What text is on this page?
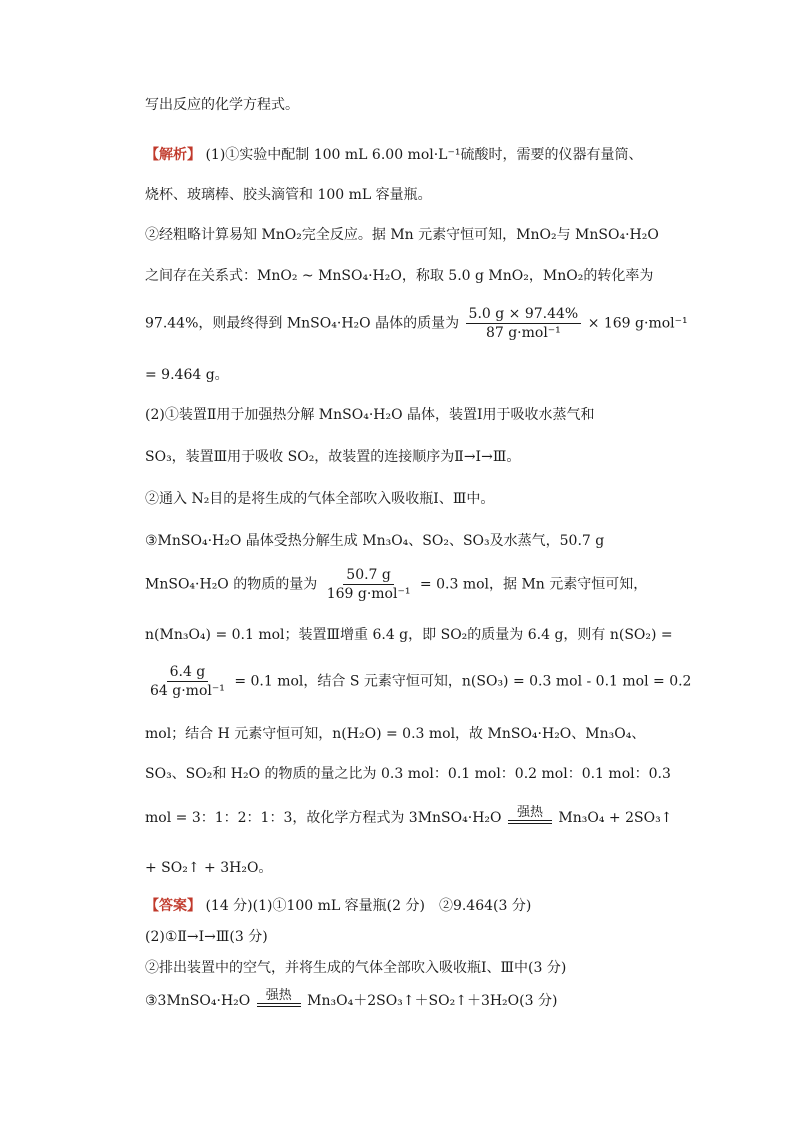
写出反应的化学方程式。
【解析】 (1)①实验中配制 100 mL 6.00 mol·L⁻¹硫酸时，需要的仪器有量筒、
烧杯、玻璃棒、胶头滴管和 100 mL 容量瓶。
②经粗略计算易知 MnO₂完全反应。据 Mn 元素守恒可知，MnO₂与 MnSO₄·H₂O
之间存在关系式：MnO₂ ~ MnSO₄·H₂O，称取 5.0 g MnO₂，MnO₂的转化率为
97.44%，则最终得到 MnSO₄·H₂O 晶体的质量为 $\frac{5.0 g \times 97.44\%}{\text{87 g·mol⁻¹}} \times 169$ g·mol⁻¹
= 9.464 g。
(2)①装置Ⅱ用于加强热分解 MnSO₄·H₂O 晶体，装置Ⅰ用于吸收水蒸气和
SO₃，装置Ⅲ用于吸收 SO₂，故装置的连接顺序为Ⅱ→Ⅰ→Ⅲ。
②通入 N₂目的是将生成的气体全部吹入吸收瓶Ⅰ、Ⅲ中。
③MnSO₄·H₂O 晶体受热分解生成 Mn₃O₄、SO₂、SO₃及水蒸气，50.7 g
MnSO₄·H₂O 的物质的量为 $\frac{50.7 g}{\text{169 g·mol⁻¹}} = 0.3$ mol，据 Mn 元素守恒可知，
n(Mn₃O₄) = 0.1 mol；装置Ⅲ增重 6.4 g，即 SO₂的质量为 6.4 g，则有 n(SO₂) =
$\frac{6.4 g}{\text{64 g·mol⁻¹}} = 0.1$ mol，结合 S 元素守恒可知，n(SO₃) = 0.3 mol - 0.1 mol = 0.2
mol；结合 H 元素守恒可知，n(H₂O) = 0.3 mol，故 MnSO₄·H₂O、Mn₃O₄、
SO₃、SO₂和 H₂O 的物质的量之比为 0.3 mol：0.1 mol：0.2 mol：0.1 mol：0.3
mol = 3：1：2：1：3，故化学方程式为 3MnSO₄·H₂O 强热 Mn₃O₄ + 2SO₃↑
+ SO₂↑ + 3H₂O。
【答案】 (14 分)(1)①100 mL 容量瓶(2 分)　②9.464(3 分)
(2)①Ⅱ→Ⅰ→Ⅲ(3 分)
②排出装置中的空气，并将生成的气体全部吹入吸收瓶Ⅰ、Ⅲ中(3 分)
③3MnSO₄·H₂O 强热 Mn₃O₄＋2SO₃↑＋SO₂↑＋3H₂O(3 分)
